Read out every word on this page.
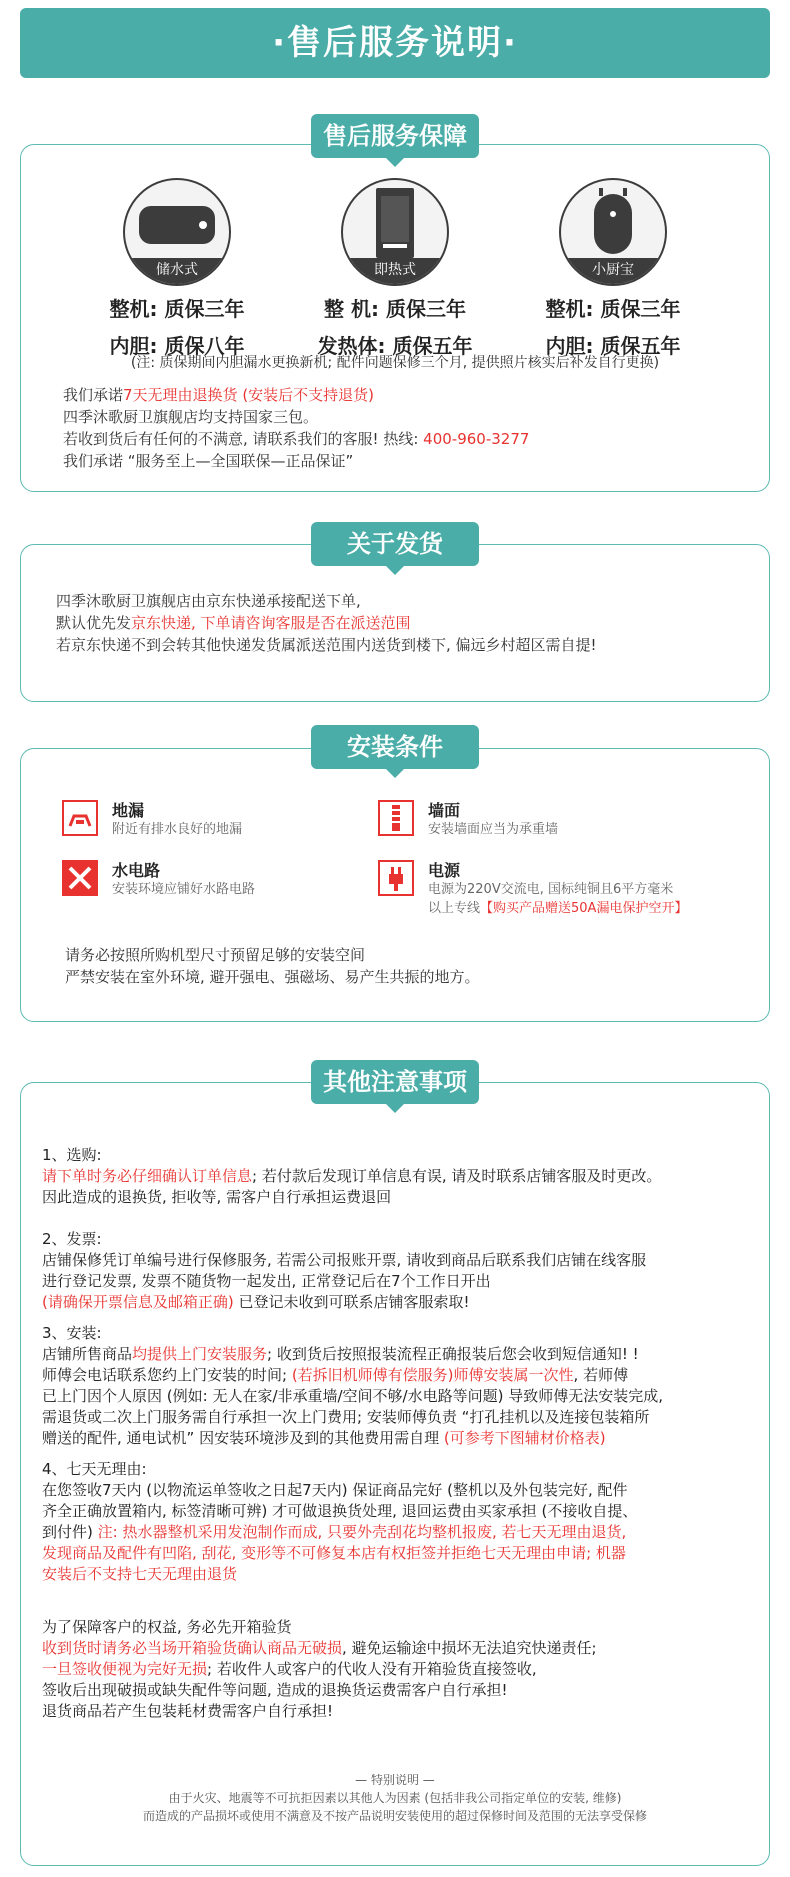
·售后服务说明·
售后服务保障
储水式
整机: 质保三年
内胆: 质保八年
即热式
整 机: 质保三年
发热体: 质保五年
小厨宝
整机: 质保三年
内胆: 质保五年
(注: 质保期间内胆漏水更换新机; 配件问题保修三个月, 提供照片核实后补发自行更换)
我们承诺7天无理由退换货 (安装后不支持退货)
四季沐歌厨卫旗舰店均支持国家三包。
若收到货后有任何的不满意, 请联系我们的客服! 热线: 400-960-3277
我们承诺 “服务至上—全国联保—正品保证”
关于发货
四季沐歌厨卫旗舰店由京东快递承接配送下单,
默认优先发京东快递, 下单请咨询客服是否在派送范围
若京东快递不到会转其他快递发货属派送范围内送货到楼下, 偏远乡村超区需自提!
安装条件
地漏
附近有排水良好的地漏
墙面
安装墙面应当为承重墙
水电路
安装环境应铺好水路电路
电源
电源为220V交流电, 国标纯铜且6平方毫米
以上专线【购买产品赠送50A漏电保护空开】
请务必按照所购机型尺寸预留足够的安装空间
严禁安装在室外环境, 避开强电、强磁场、易产生共振的地方。
其他注意事项
1、选购:
请下单时务必仔细确认订单信息; 若付款后发现订单信息有误, 请及时联系店铺客服及时更改。
因此造成的退换货, 拒收等, 需客户自行承担运费退回
2、发票:
店铺保修凭订单编号进行保修服务, 若需公司报账开票, 请收到商品后联系我们店铺在线客服
进行登记发票, 发票不随货物一起发出, 正常登记后在7个工作日开出
(请确保开票信息及邮箱正确) 已登记未收到可联系店铺客服索取!
3、安装:
店铺所售商品均提供上门安装服务; 收到货后按照报装流程正确报装后您会收到短信通知! !
师傅会电话联系您约上门安装的时间; (若拆旧机师傅有偿服务)师傅安装属一次性, 若师傅
已上门因个人原因 (例如: 无人在家/非承重墙/空间不够/水电路等问题) 导致师傅无法安装完成,
需退货或二次上门服务需自行承担一次上门费用; 安装师傅负责 “打孔挂机以及连接包装箱所
赠送的配件, 通电试机” 因安装环境涉及到的其他费用需自理 (可参考下图辅材价格表)
4、七天无理由:
在您签收7天内 (以物流运单签收之日起7天内) 保证商品完好 (整机以及外包装完好, 配件
齐全正确放置箱内, 标签清晰可辨) 才可做退换货处理, 退回运费由买家承担 (不接收自提、
到付件) 注: 热水器整机采用发泡制作而成, 只要外壳刮花均整机报废, 若七天无理由退货,
发现商品及配件有凹陷, 刮花, 变形等不可修复本店有权拒签并拒绝七天无理由申请; 机器
安装后不支持七天无理由退货
为了保障客户的权益, 务必先开箱验货
收到货时请务必当场开箱验货确认商品无破损, 避免运输途中损坏无法追究快递责任;
一旦签收便视为完好无损; 若收件人或客户的代收人没有开箱验货直接签收,
签收后出现破损或缺失配件等问题, 造成的退换货运费需客户自行承担!
退货商品若产生包装耗材费需客户自行承担!
— 特别说明 —
由于火灾、地震等不可抗拒因素以其他人为因素 (包括非我公司指定单位的安装, 维修)
而造成的产品损坏或使用不满意及不按产品说明安装使用的超过保修时间及范围的无法享受保修
